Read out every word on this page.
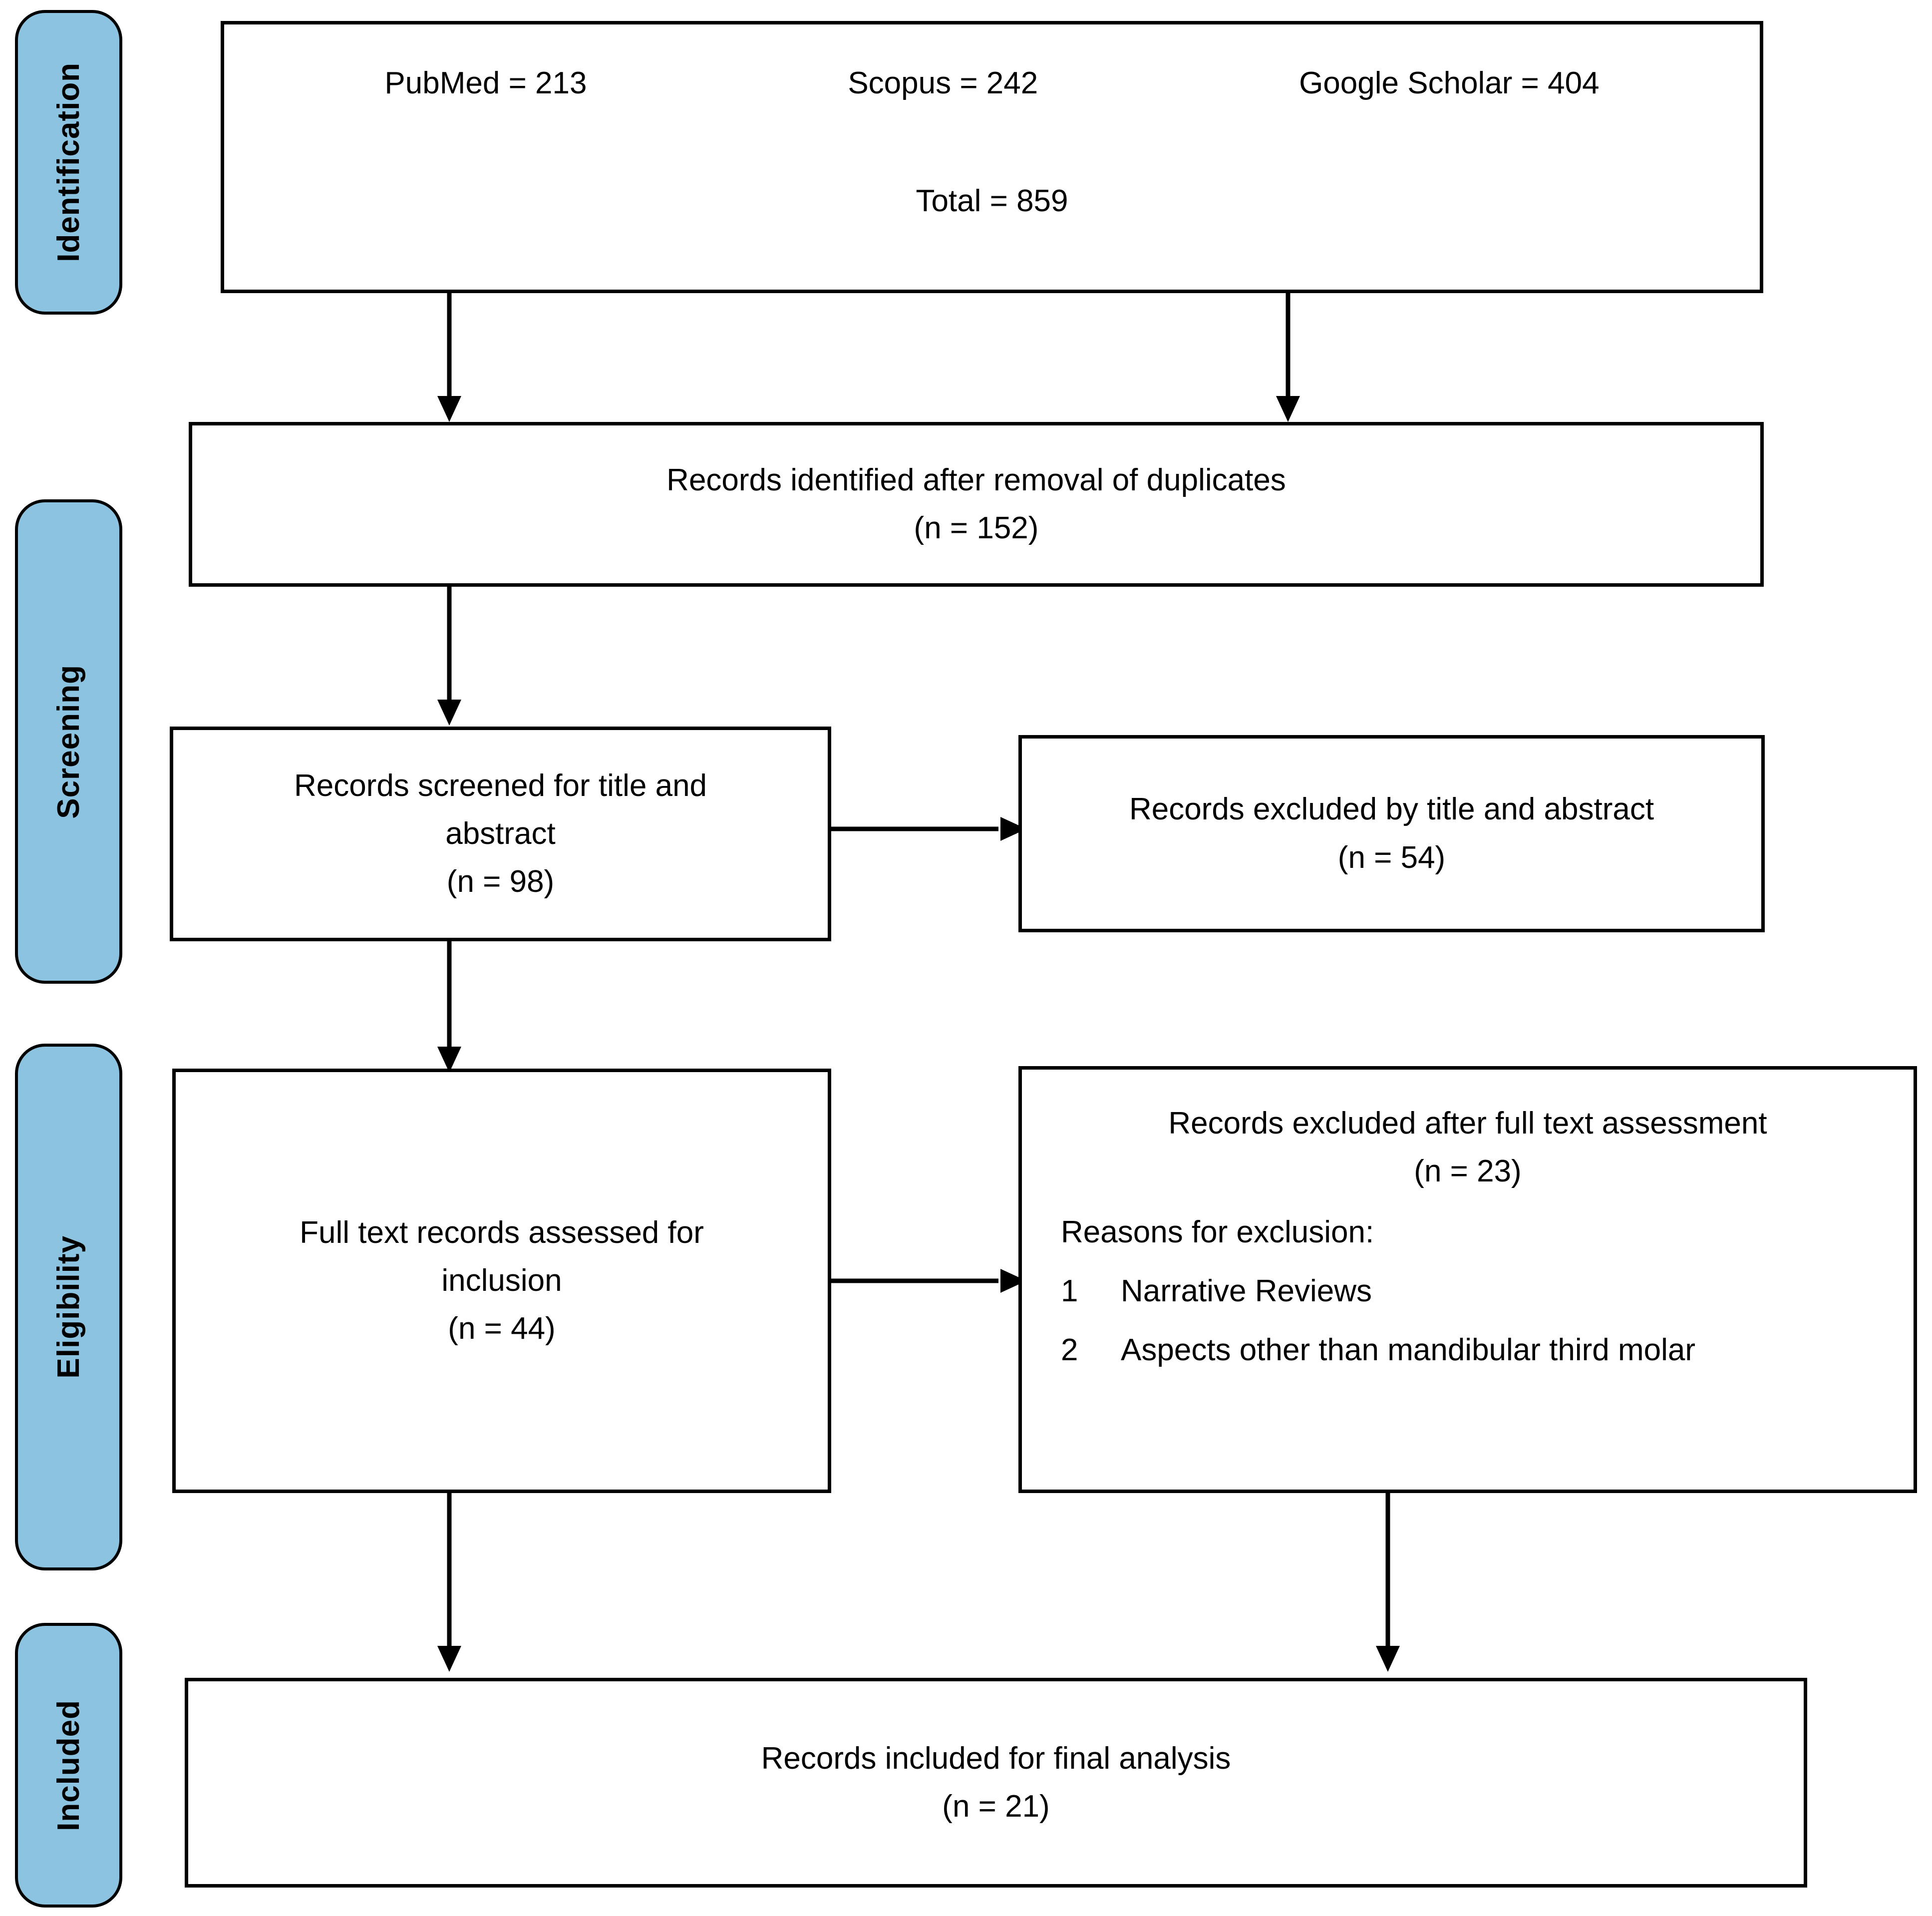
Identification
Screening
Eligibility
Included
PubMed = 213	Scopus = 242	Google Scholar = 404
Total = 859
Records identified after removal of duplicates
(n = 152)
Records screened for title and
abstract
(n = 98)
Records excluded by title and abstract
(n = 54)
Full text records assessed for
inclusion
(n = 44)
Records excluded after full text assessment
(n = 23)
Reasons for exclusion:
1	Narrative Reviews
2	Aspects other than mandibular third molar
Records included for final analysis
(n = 21)
